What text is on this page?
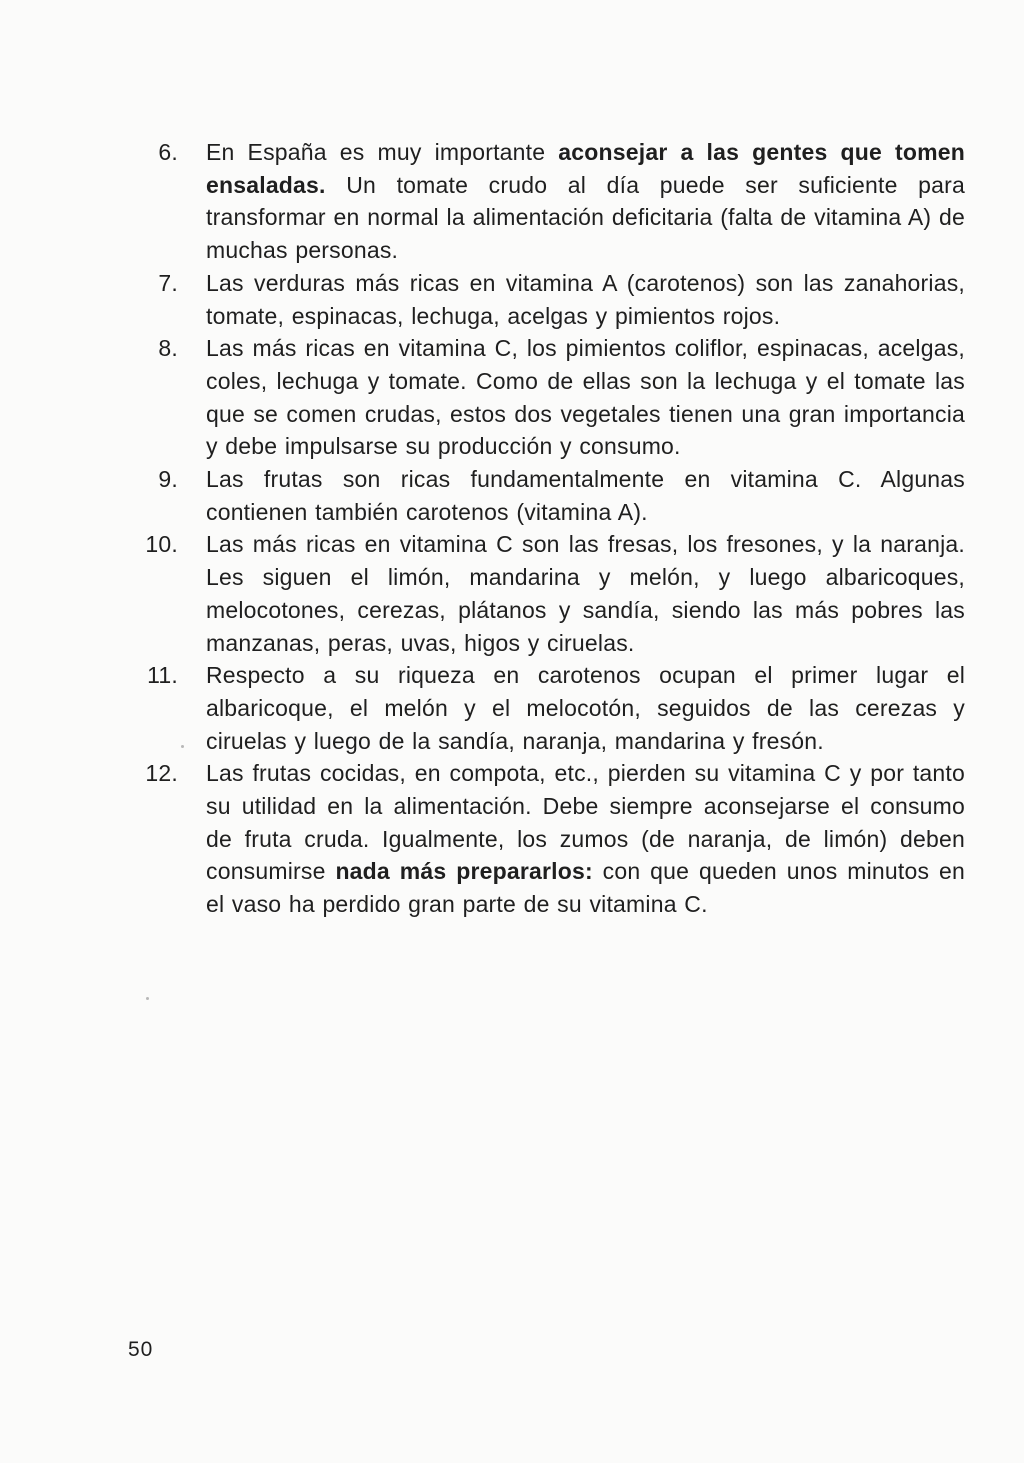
6. En España es muy importante aconsejar a las gentes que tomen ensaladas. Un tomate crudo al día puede ser suficiente para transformar en normal la alimentación deficitaria (falta de vitamina A) de muchas personas.
7. Las verduras más ricas en vitamina A (carotenos) son las zanahorias, tomate, espinacas, lechuga, acelgas y pimientos rojos.
8. Las más ricas en vitamina C, los pimientos coliflor, espinacas, acelgas, coles, lechuga y tomate. Como de ellas son la lechuga y el tomate las que se comen crudas, estos dos vegetales tienen una gran importancia y debe impulsarse su producción y consumo.
9. Las frutas son ricas fundamentalmente en vitamina C. Algunas contienen también carotenos (vitamina A).
10. Las más ricas en vitamina C son las fresas, los fresones, y la naranja. Les siguen el limón, mandarina y melón, y luego albaricoques, melocotones, cerezas, plátanos y sandía, siendo las más pobres las manzanas, peras, uvas, higos y ciruelas.
11. Respecto a su riqueza en carotenos ocupan el primer lugar el albaricoque, el melón y el melocotón, seguidos de las cerezas y ciruelas y luego de la sandía, naranja, mandarina y fresón.
12. Las frutas cocidas, en compota, etc., pierden su vitamina C y por tanto su utilidad en la alimentación. Debe siempre aconsejarse el consumo de fruta cruda. Igualmente, los zumos (de naranja, de limón) deben consumirse nada más prepararlos: con que queden unos minutos en el vaso ha perdido gran parte de su vitamina C.
50
